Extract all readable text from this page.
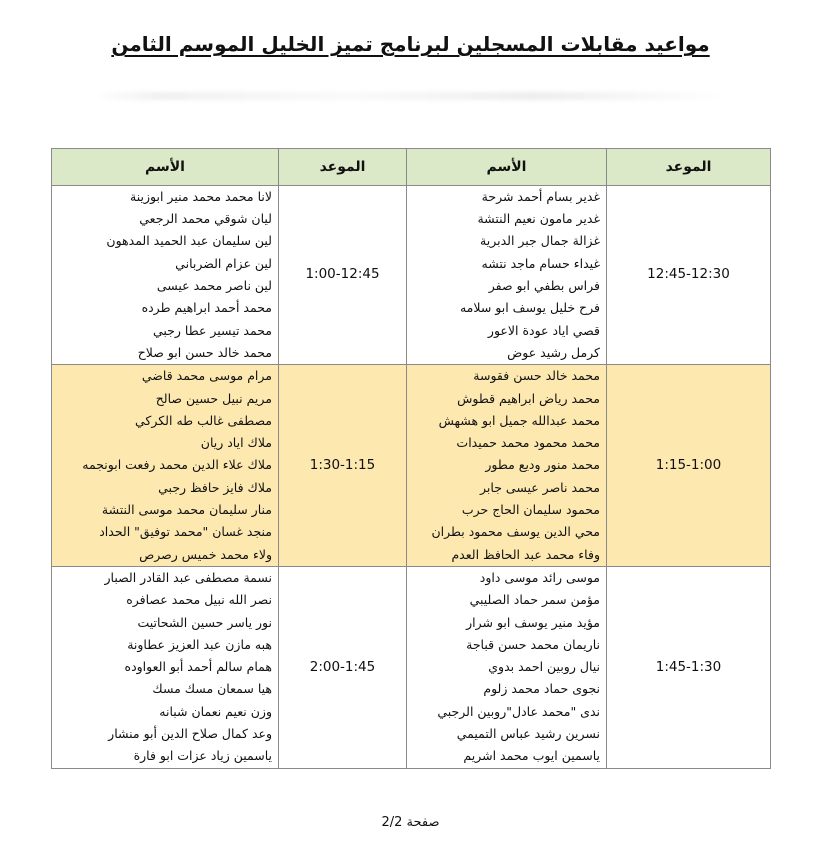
مواعيد مقابلات المسجلين لبرنامج تميز الخليل الموسم الثامن
الموعد	الأسم	الموعد	الأسم
12:45-12:30	غدير بسام أحمد شرحة	1:00-12:45	لانا محمد محمد منير ابوزينة
	غدير مامون نعيم النتشة		ليان شوقي محمد الرجعي
	غزالة جمال جبر الدبرية		لين سليمان عبد الحميد المدهون
	غيداء حسام ماجد نتشه		لين عزام الضرباني
	فراس بطفي ابو صفر		لين ناصر محمد عيسى
	فرح خليل يوسف ابو سلامه		محمد أحمد ابراهيم طرده
	قصي اياد عودة الاعور		محمد تيسير عطا رجبي
	كرمل رشيد عوض		محمد خالد حسن ابو صلاح
1:15-1:00	محمد خالد حسن فقوسة	1:30-1:15	مرام موسى محمد قاضي
	محمد رياض ابراهيم قطوش		مريم نبيل حسين صالح
	محمد عبدالله جميل ابو هشهش		مصطفى غالب طه الكركي
	محمد محمود محمد حميدات		ملاك اياد ريان
	محمد منور وديع مطور		ملاك علاء الدين محمد رفعت ابونجمه
	محمد ناصر عيسى جابر		ملاك فايز حافظ رجبي
	محمود سليمان الحاج حرب		منار سليمان محمد موسى النتشة
	محي الدين يوسف محمود بطران		منجد غسان "محمد توفيق" الحداد
	وفاء محمد عبد الحافظ العدم		ولاء محمد خميس رصرص
1:45-1:30	موسى رائد موسى داود	2:00-1:45	نسمة مصطفى عبد القادر الصبار
	مؤمن سمر حماد الصليبي		نصر الله نبيل محمد عصافره
	مؤيد منير يوسف ابو شرار		نور ياسر حسين الشحاتيت
	ناريمان محمد حسن قباجة		هبه مازن عبد العزيز عطاونة
	نيال روبين احمد بدوي		همام سالم أحمد أبو العواوده
	نجوى حماد محمد زلوم		هيا سمعان مسك مسك
	ندى "محمد عادل"روبين الرجبي		وزن نعيم نعمان شبانه
	نسرين رشيد عباس التميمي		وعد كمال صلاح الدين أبو منشار
	ياسمين ايوب محمد اشريم		ياسمين زياد عزات ابو فارة
صفحة 2/2
